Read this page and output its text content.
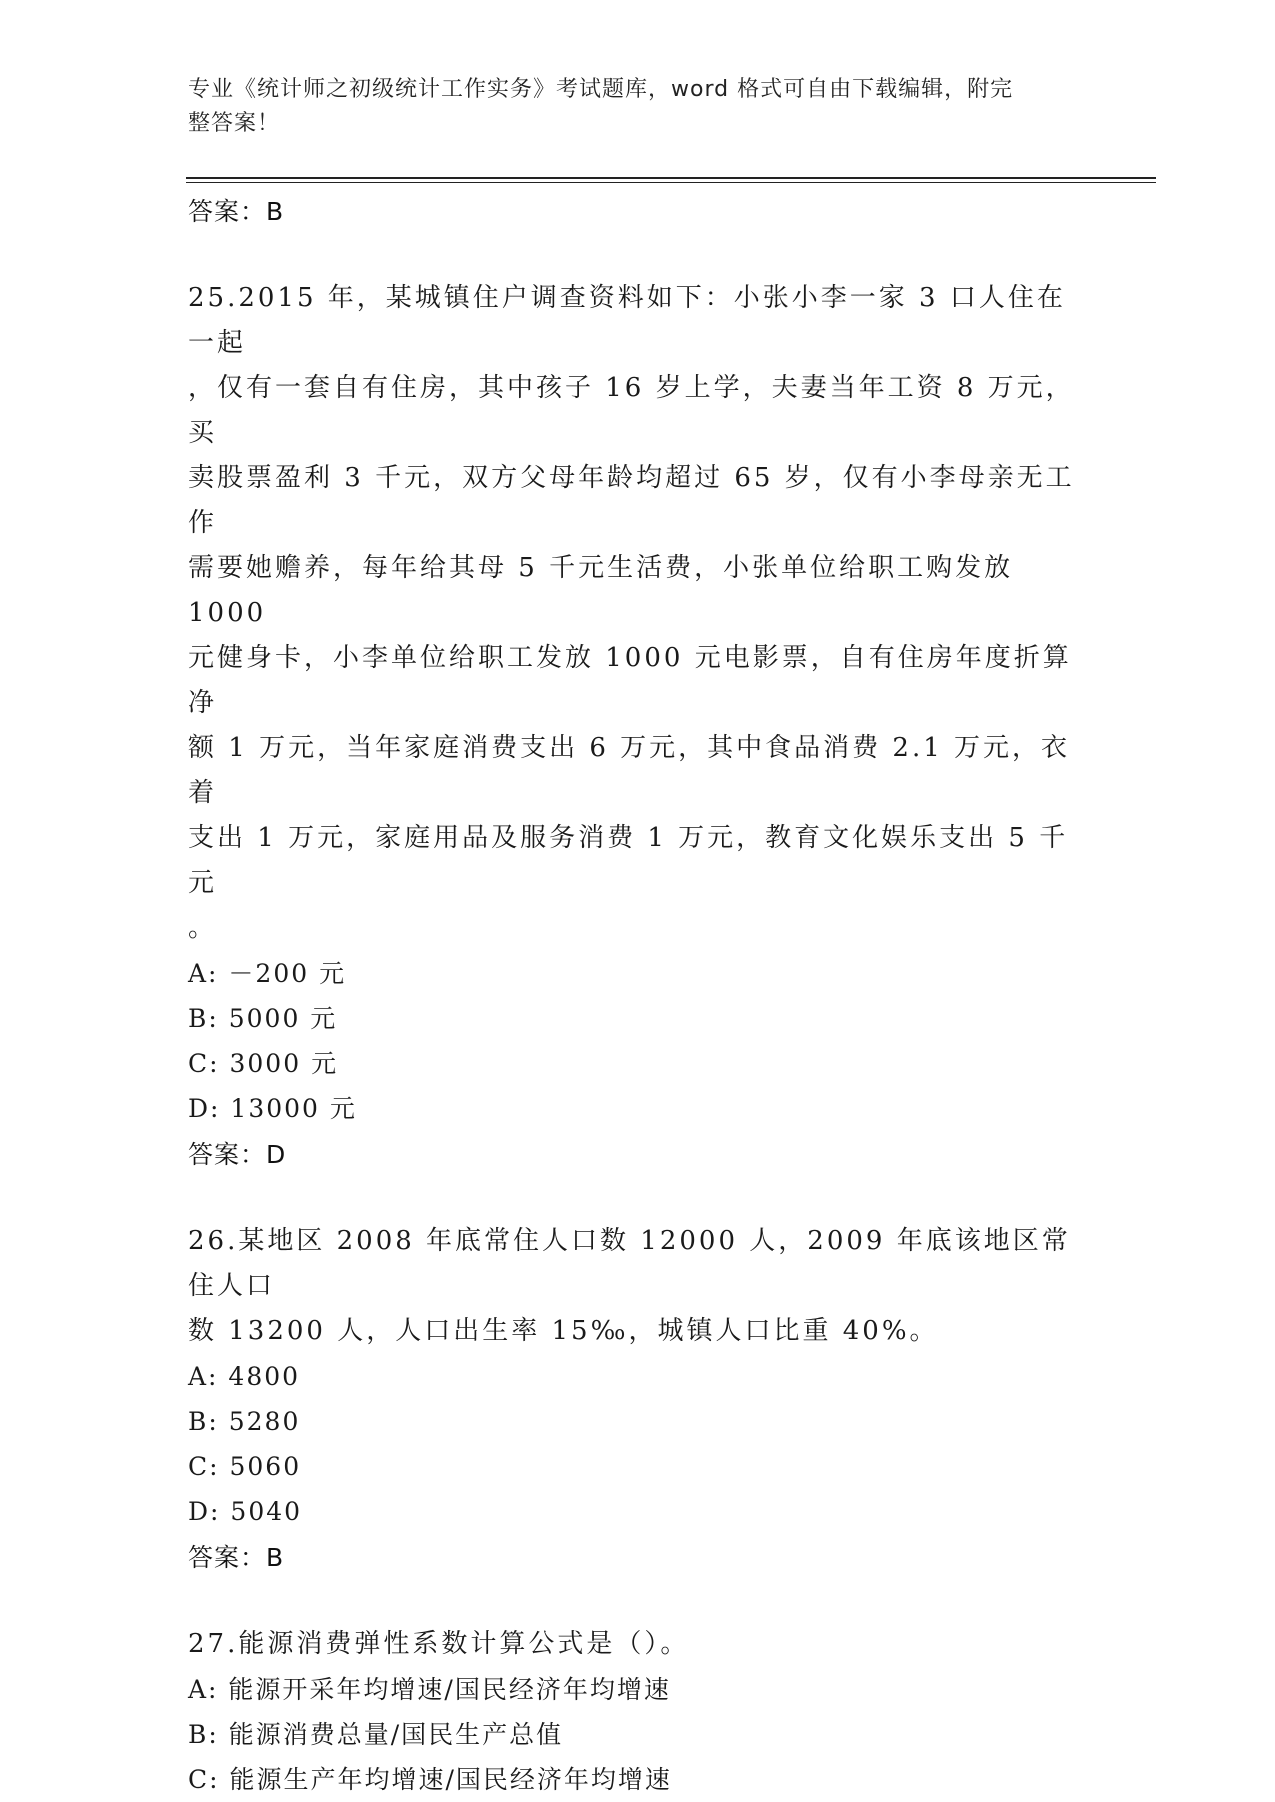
专业《统计师之初级统计工作实务》考试题库，word 格式可自由下载编辑，附完
整答案！
答案：B
25.2015 年，某城镇住户调查资料如下：小张小李一家 3 口人住在一起
，仅有一套自有住房，其中孩子 16 岁上学，夫妻当年工资 8 万元，买
卖股票盈利 3 千元，双方父母年龄均超过 65 岁，仅有小李母亲无工作
需要她赡养，每年给其母 5 千元生活费，小张单位给职工购发放 1000
元健身卡，小李单位给职工发放 1000 元电影票，自有住房年度折算净
额 1 万元，当年家庭消费支出 6 万元，其中食品消费 2.1 万元，衣着
支出 1 万元，家庭用品及服务消费 1 万元，教育文化娱乐支出 5 千元
。
A: －200 元
B: 5000 元
C: 3000 元
D: 13000 元
答案：D
26.某地区 2008 年底常住人口数 12000 人，2009 年底该地区常住人口
数 13200 人，人口出生率 15‰，城镇人口比重 40%。
A: 4800
B: 5280
C: 5060
D: 5040
答案：B
27.能源消费弹性系数计算公式是（）。
A: 能源开采年均增速/国民经济年均增速
B: 能源消费总量/国民生产总值
C: 能源生产年均增速/国民经济年均增速
